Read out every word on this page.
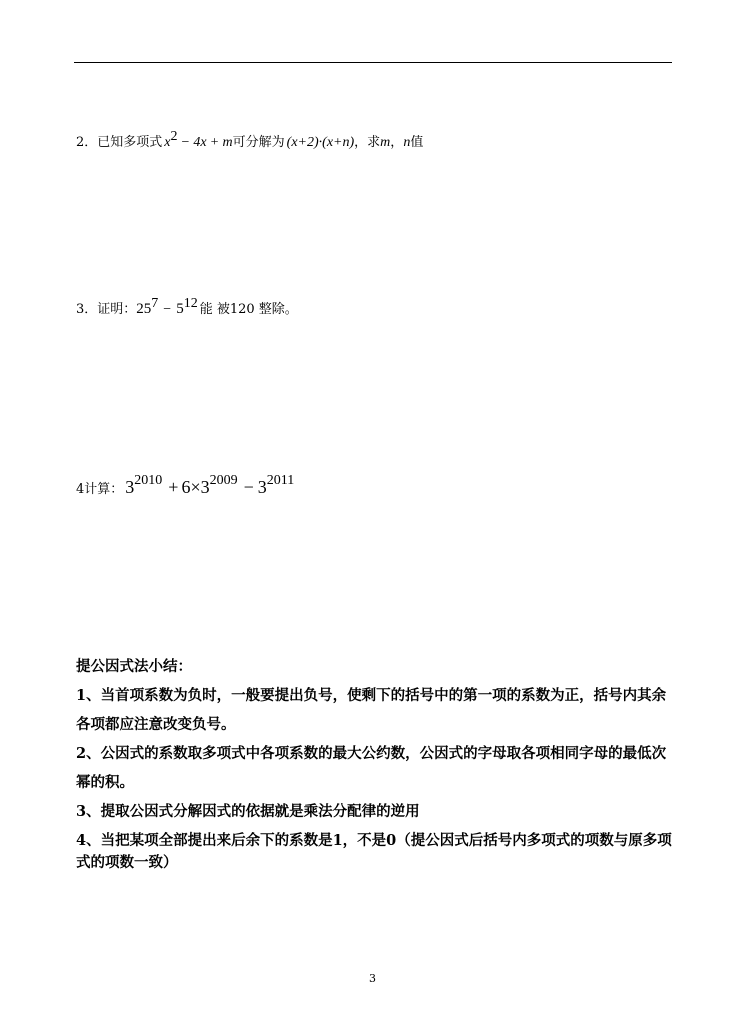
2．已知多项式 $x^2 - 4x + m$可分解为 (x+2)∙(x+n)，求m，n值
3．证明：$25^7 - 5^{12}$ 能 被120 整除。
4计算： $3^{2010} + 6\times 3^{2009} - 3^{2011}$

提公因式法小结：

1、当首项系数为负时，一般要提出负号，使剩下的括号中的第一项的系数为正，括号内其余各项都应注意改变负号。

2、公因式的系数取多项式中各项系数的最大公约数，公因式的字母取各项相同字母的最低次幂的积。

3、提取公因式分解因式的依据就是乘法分配律的逆用

4、当把某项全部提出来后余下的系数是1，不是0（提公因式后括号内多项式的项数与原多项式的项数一致）

3
